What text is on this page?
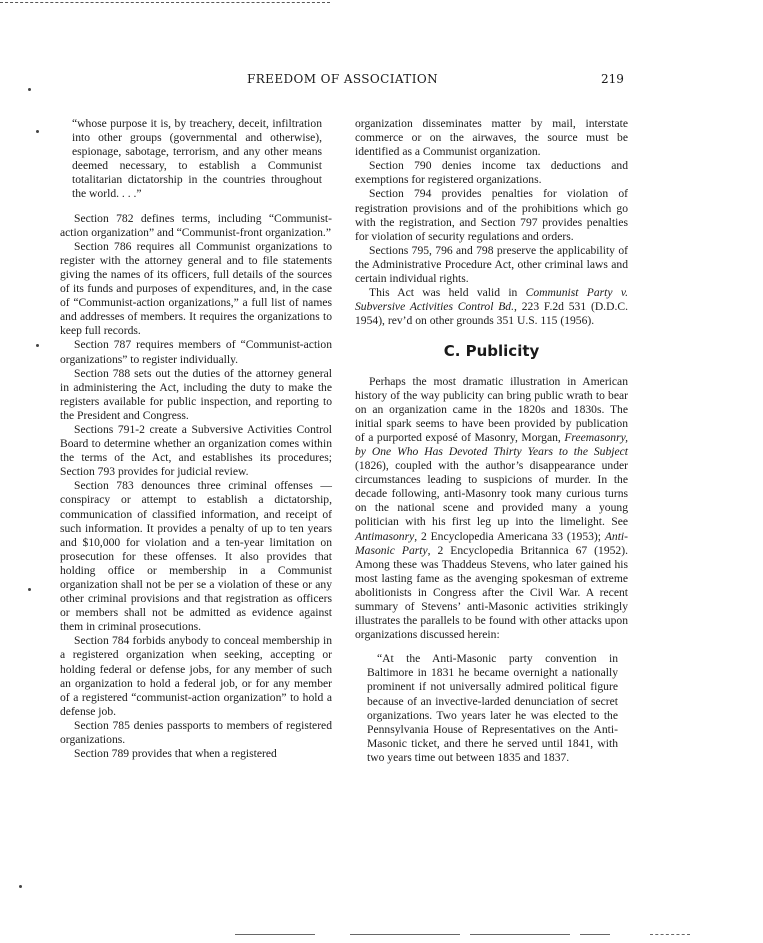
FREEDOM OF ASSOCIATION	219

“whose purpose it is, by treachery, deceit, infiltration into other groups (governmental and otherwise), espionage, sabotage, terrorism, and any other means deemed necessary, to establish a Communist totalitarian dictatorship in the countries throughout the world. . . .”

Section 782 defines terms, including “Communist-action organization” and “Communist-front organization.”

Section 786 requires all Communist organizations to register with the attorney general and to file statements giving the names of its officers, full details of the sources of its funds and purposes of expenditures, and, in the case of “Communist-action organizations,” a full list of names and addresses of members. It requires the organizations to keep full records.

Section 787 requires members of “Communist-action organizations” to register individually.

Section 788 sets out the duties of the attorney general in administering the Act, including the duty to make the registers available for public inspection, and reporting to the President and Congress.

Sections 791-2 create a Subversive Activities Control Board to determine whether an organization comes within the terms of the Act, and establishes its procedures; Section 793 provides for judicial review.

Section 783 denounces three criminal offenses —conspiracy or attempt to establish a dictatorship, communication of classified information, and receipt of such information. It provides a penalty of up to ten years and $10,000 for violation and a ten-year limitation on prosecution for these offenses. It also provides that holding office or membership in a Communist organization shall not be per se a violation of these or any other criminal provisions and that registration as officers or members shall not be admitted as evidence against them in criminal prosecutions.

Section 784 forbids anybody to conceal membership in a registered organization when seeking, accepting or holding federal or defense jobs, for any member of such an organization to hold a federal job, or for any member of a registered “communist-action organization” to hold a defense job.

Section 785 denies passports to members of registered organizations.

Section 789 provides that when a registered

organization disseminates matter by mail, interstate commerce or on the airwaves, the source must be identified as a Communist organization.

Section 790 denies income tax deductions and exemptions for registered organizations.

Section 794 provides penalties for violation of registration provisions and of the prohibitions which go with the registration, and Section 797 provides penalties for violation of security regulations and orders.

Sections 795, 796 and 798 preserve the applicability of the Administrative Procedure Act, other criminal laws and certain individual rights.

This Act was held valid in Communist Party v. Subversive Activities Control Bd., 223 F.2d 531 (D.D.C. 1954), rev’d on other grounds 351 U.S. 115 (1956).

C. Publicity

Perhaps the most dramatic illustration in American history of the way publicity can bring public wrath to bear on an organization came in the 1820s and 1830s. The initial spark seems to have been provided by publication of a purported exposé of Masonry, Morgan, Freemasonry, by One Who Has Devoted Thirty Years to the Subject (1826), coupled with the author’s disappearance under circumstances leading to suspicions of murder. In the decade following, anti-Masonry took many curious turns on the national scene and provided many a young politician with his first leg up into the limelight. See Antimasonry, 2 Encyclopedia Americana 33 (1953); Anti-Masonic Party, 2 Encyclopedia Britannica 67 (1952). Among these was Thaddeus Stevens, who later gained his most lasting fame as the avenging spokesman of extreme abolitionists in Congress after the Civil War. A recent summary of Stevens’ anti-Masonic activities strikingly illustrates the parallels to be found with other attacks upon organizations discussed herein:

“At the Anti-Masonic party convention in Baltimore in 1831 he became overnight a nationally prominent if not universally admired political figure because of an invective-larded denunciation of secret organizations. Two years later he was elected to the Pennsylvania House of Representatives on the Anti-Masonic ticket, and there he served until 1841, with two years time out between 1835 and 1837.
